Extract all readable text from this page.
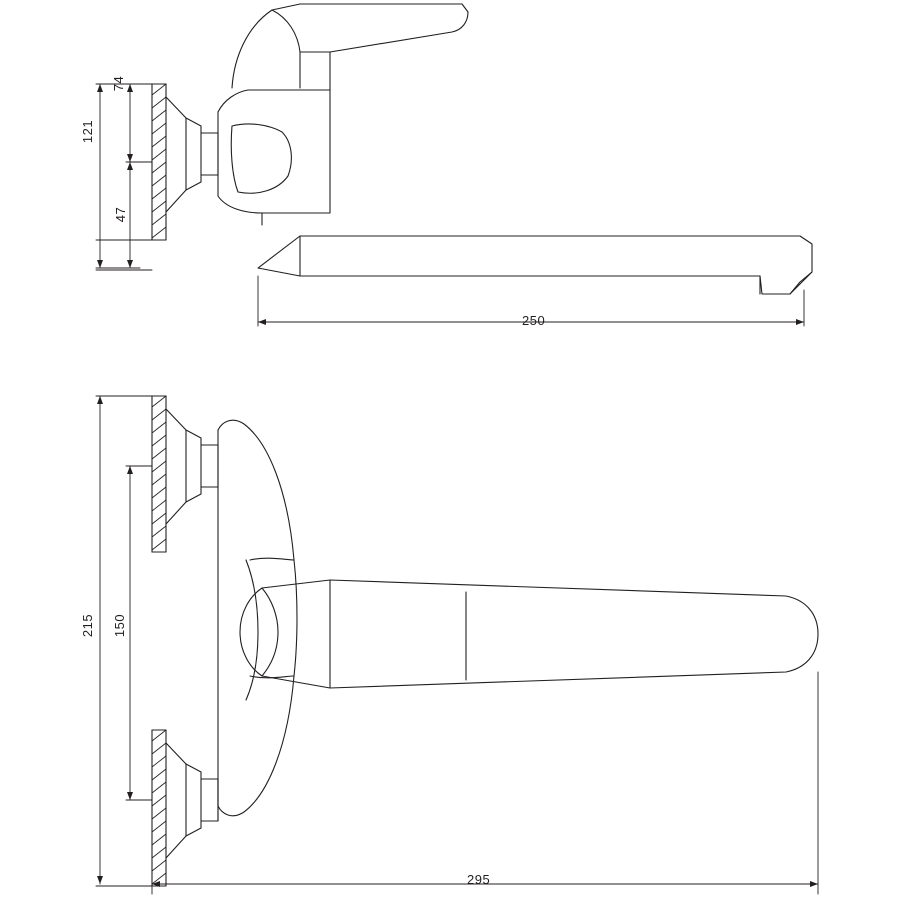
121
74
47
250
215 150
295
